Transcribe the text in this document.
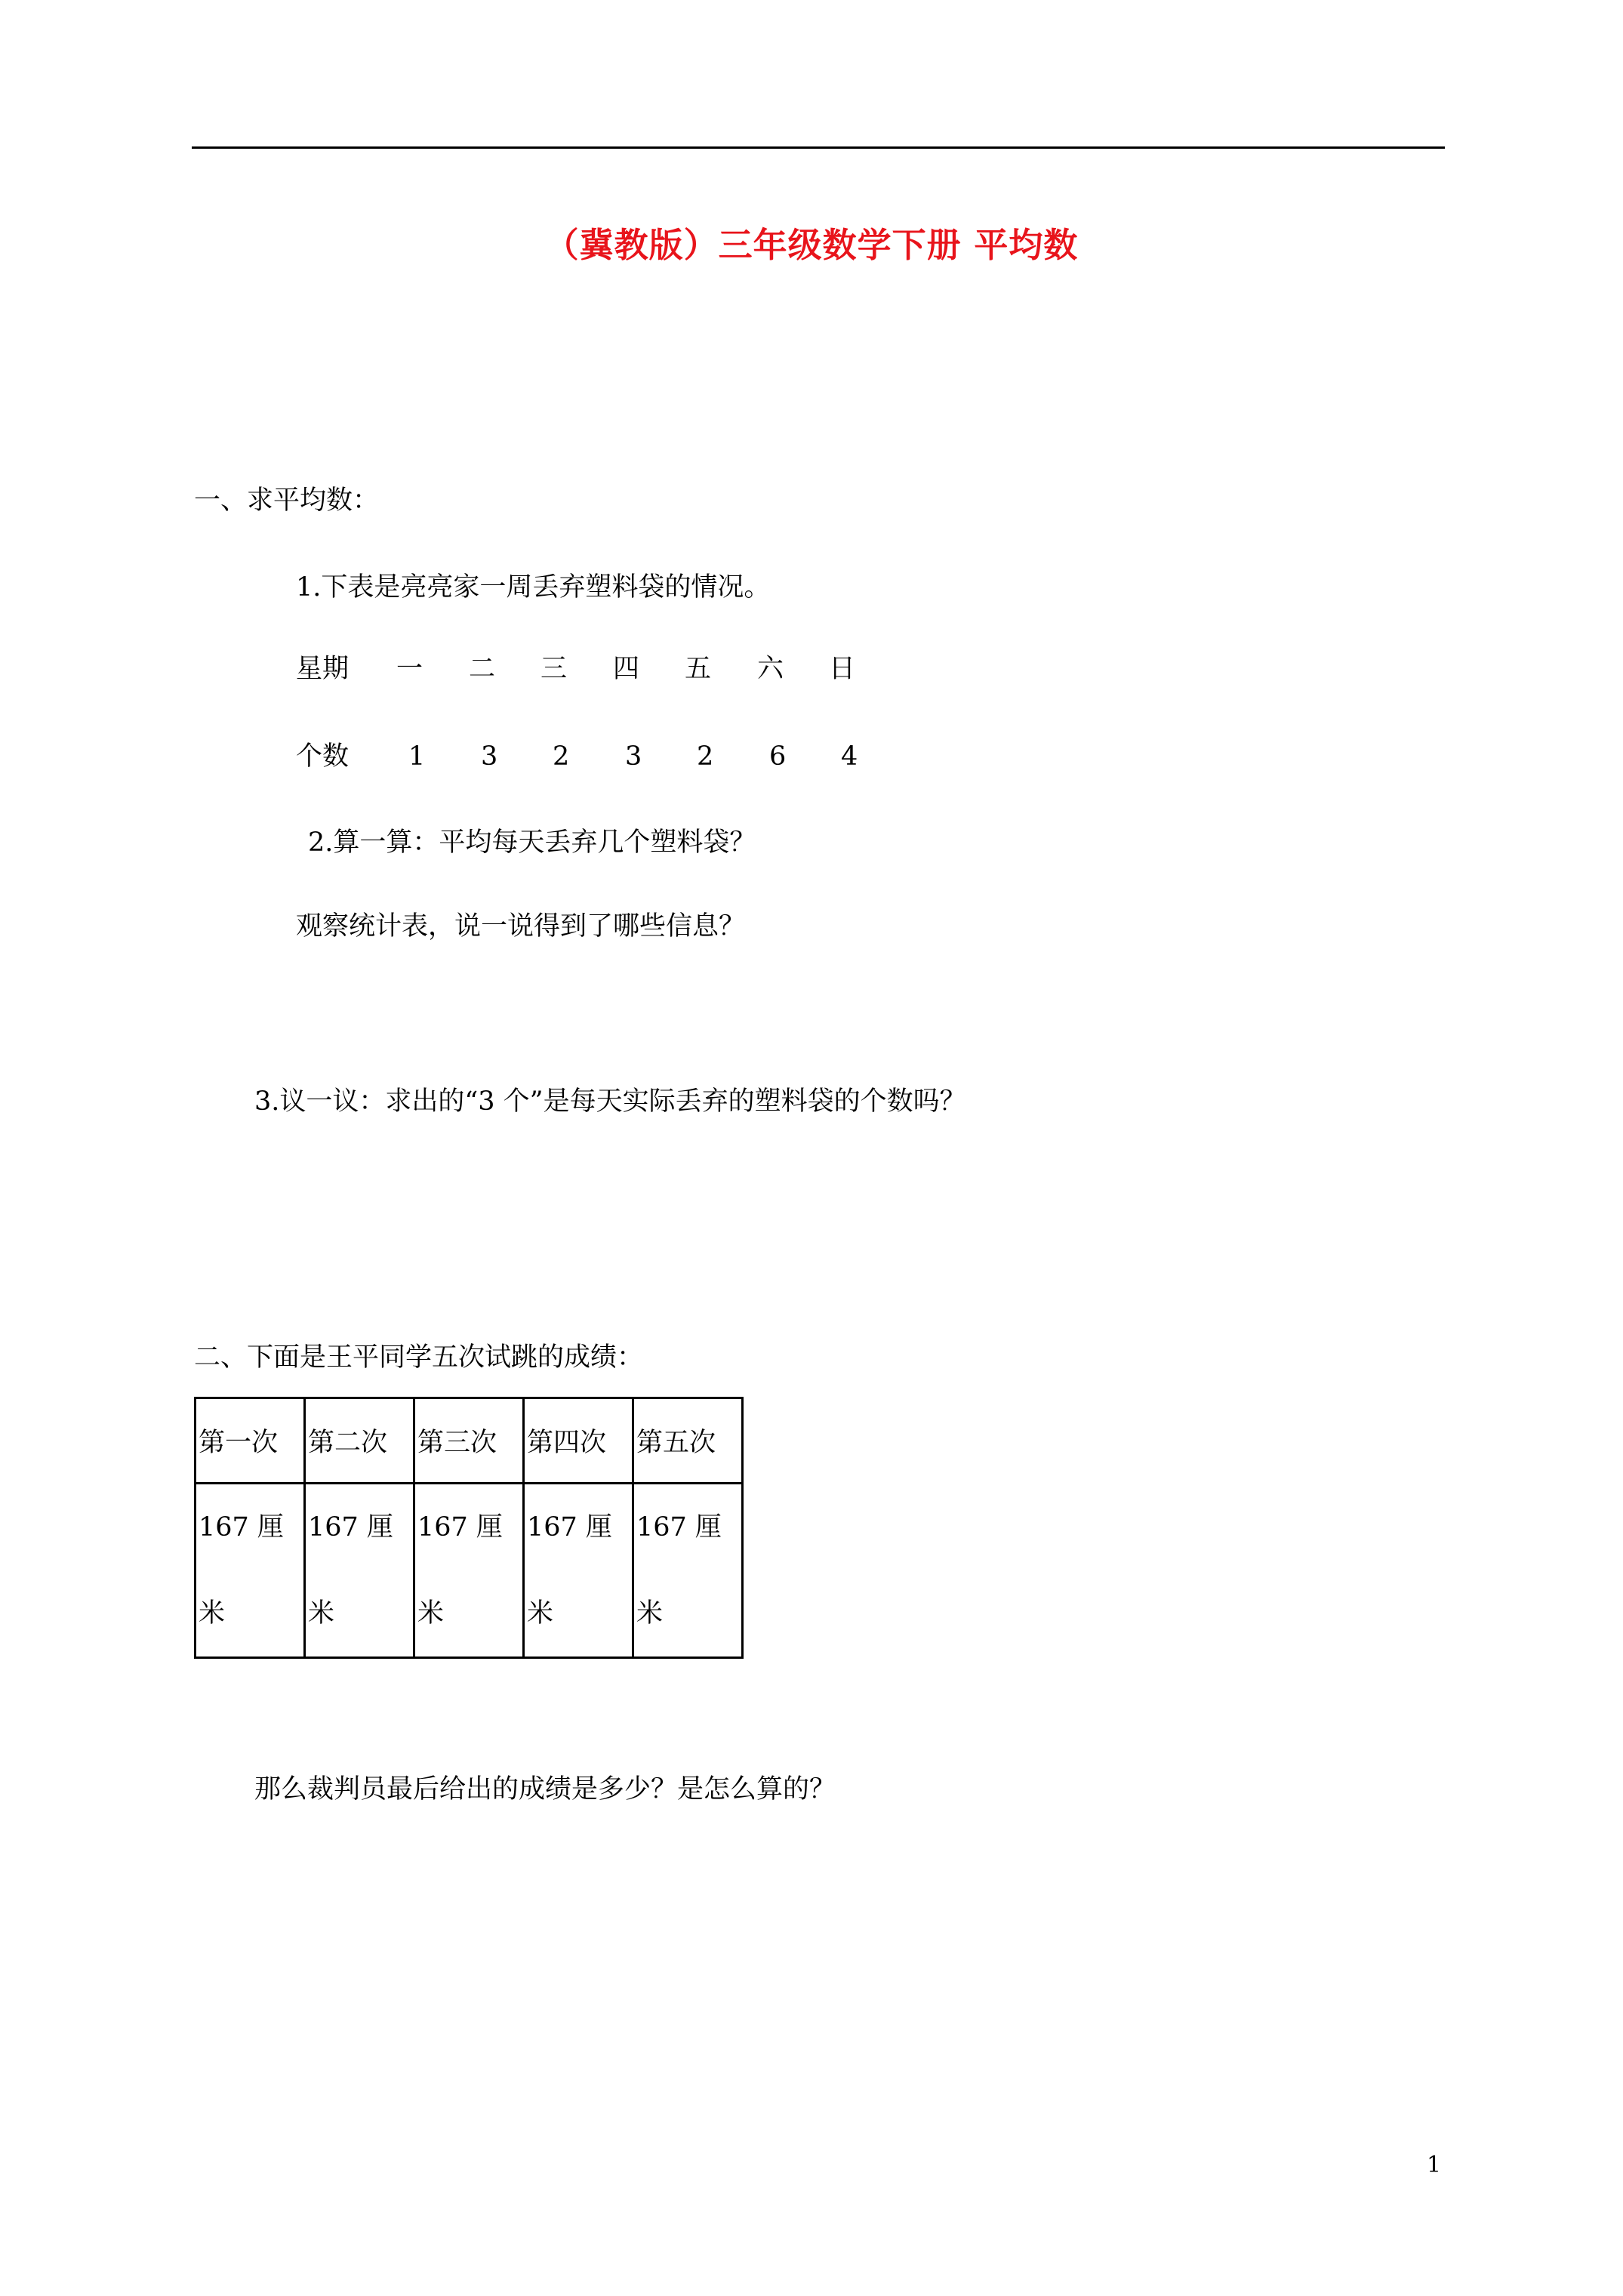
（冀教版）三年级数学下册 平均数
一、求平均数：
1.下表是亮亮家一周丢弃塑料袋的情况。
星期 一 二 三 四 五 六 日
个数 1 3 2 3 2 6 4
2.算一算：平均每天丢弃几个塑料袋？
观察统计表，说一说得到了哪些信息？
3.议一议：求出的“3 个”是每天实际丢弃的塑料袋的个数吗？
二、下面是王平同学五次试跳的成绩：
第一次	第二次	第三次	第四次	第五次
167 厘米	167 厘米	167 厘米	167 厘米	167 厘米
那么裁判员最后给出的成绩是多少？是怎么算的？
1
